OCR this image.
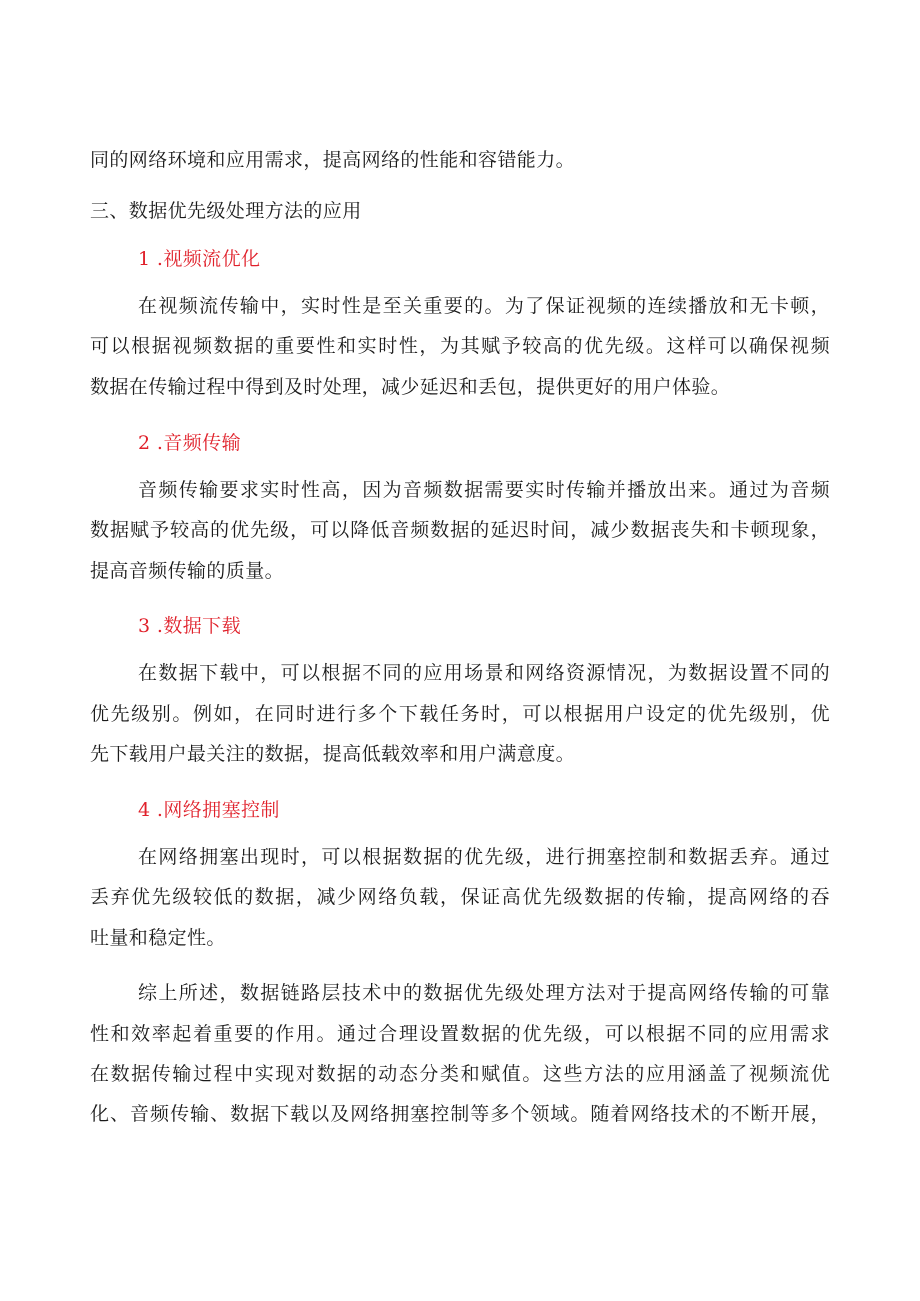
同的网络环境和应用需求，提高网络的性能和容错能力。
三、数据优先级处理方法的应用
1 .视频流优化
在视频流传输中，实时性是至关重要的。为了保证视频的连续播放和无卡顿，
可以根据视频数据的重要性和实时性，为其赋予较高的优先级。这样可以确保视频
数据在传输过程中得到及时处理，减少延迟和丢包，提供更好的用户体验。
2 .音频传输
音频传输要求实时性高，因为音频数据需要实时传输并播放出来。通过为音频
数据赋予较高的优先级，可以降低音频数据的延迟时间，减少数据丧失和卡顿现象，
提高音频传输的质量。
3 .数据下载
在数据下载中，可以根据不同的应用场景和网络资源情况，为数据设置不同的
优先级别。例如，在同时进行多个下载任务时，可以根据用户设定的优先级别，优
先下载用户最关注的数据，提高低载效率和用户满意度。
4 .网络拥塞控制
在网络拥塞出现时，可以根据数据的优先级，进行拥塞控制和数据丢弃。通过
丢弃优先级较低的数据，减少网络负载，保证高优先级数据的传输，提高网络的吞
吐量和稳定性。
综上所述，数据链路层技术中的数据优先级处理方法对于提高网络传输的可靠
性和效率起着重要的作用。通过合理设置数据的优先级，可以根据不同的应用需求
在数据传输过程中实现对数据的动态分类和赋值。这些方法的应用涵盖了视频流优
化、音频传输、数据下载以及网络拥塞控制等多个领域。随着网络技术的不断开展，
